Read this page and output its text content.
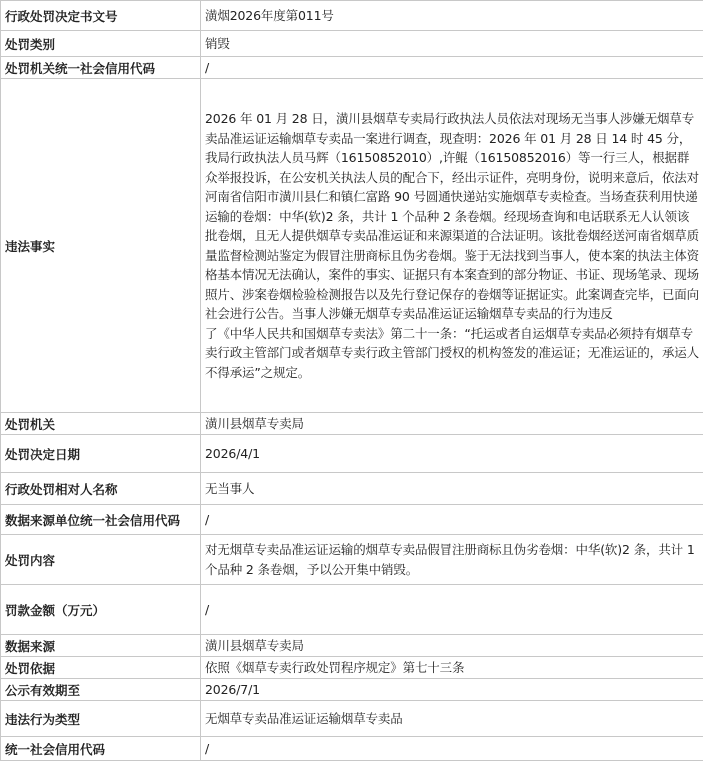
行政处罚决定书文号	潢烟2026年度第011号
处罚类别	销毁
处罚机关统一社会信用代码	/
违法事实	2026 年 01 月 28 日，潢川县烟草专卖局行政执法人员依法对现场无当事人涉嫌无烟草专卖品准运证运输烟草专卖品一案进行调查，现查明：2026 年 01 月 28 日 14 时 45 分，我局行政执法人员马辉（16150852010）,许鲲（16150852016）等一行三人，根据群众举报投诉，在公安机关执法人员的配合下，经出示证件，亮明身份，说明来意后，依法对河南省信阳市潢川县仁和镇仁富路 90 号圆通快递站实施烟草专卖检查。当场查获利用快递运输的卷烟：中华(软)2 条，共计 1 个品种 2 条卷烟。经现场查询和电话联系无人认领该批卷烟，且无人提供烟草专卖品准运证和来源渠道的合法证明。该批卷烟经送河南省烟草质量监督检测站鉴定为假冒注册商标且伪劣卷烟。鉴于无法找到当事人，使本案的执法主体资格基本情况无法确认，案件的事实、证据只有本案查到的部分物证、书证、现场笔录、现场照片、涉案卷烟检验检测报告以及先行登记保存的卷烟等证据证实。此案调查完毕，已面向社会进行公告。当事人涉嫌无烟草专卖品准运证运输烟草专卖品的行为违反
了《中华人民共和国烟草专卖法》第二十一条：“托运或者自运烟草专卖品必须持有烟草专卖行政主管部门或者烟草专卖行政主管部门授权的机构签发的准运证；无准运证的，承运人不得承运”之规定。
处罚机关	潢川县烟草专卖局
处罚决定日期	2026/4/1
行政处罚相对人名称	无当事人
数据来源单位统一社会信用代码	/
处罚内容	对无烟草专卖品准运证运输的烟草专卖品假冒注册商标且伪劣卷烟：中华(软)2 条，共计 1 个品种 2 条卷烟，予以公开集中销毁。
罚款金额（万元）	/
数据来源	潢川县烟草专卖局
处罚依据	依照《烟草专卖行政处罚程序规定》第七十三条
公示有效期至	2026/7/1
违法行为类型	无烟草专卖品准运证运输烟草专卖品
统一社会信用代码	/
